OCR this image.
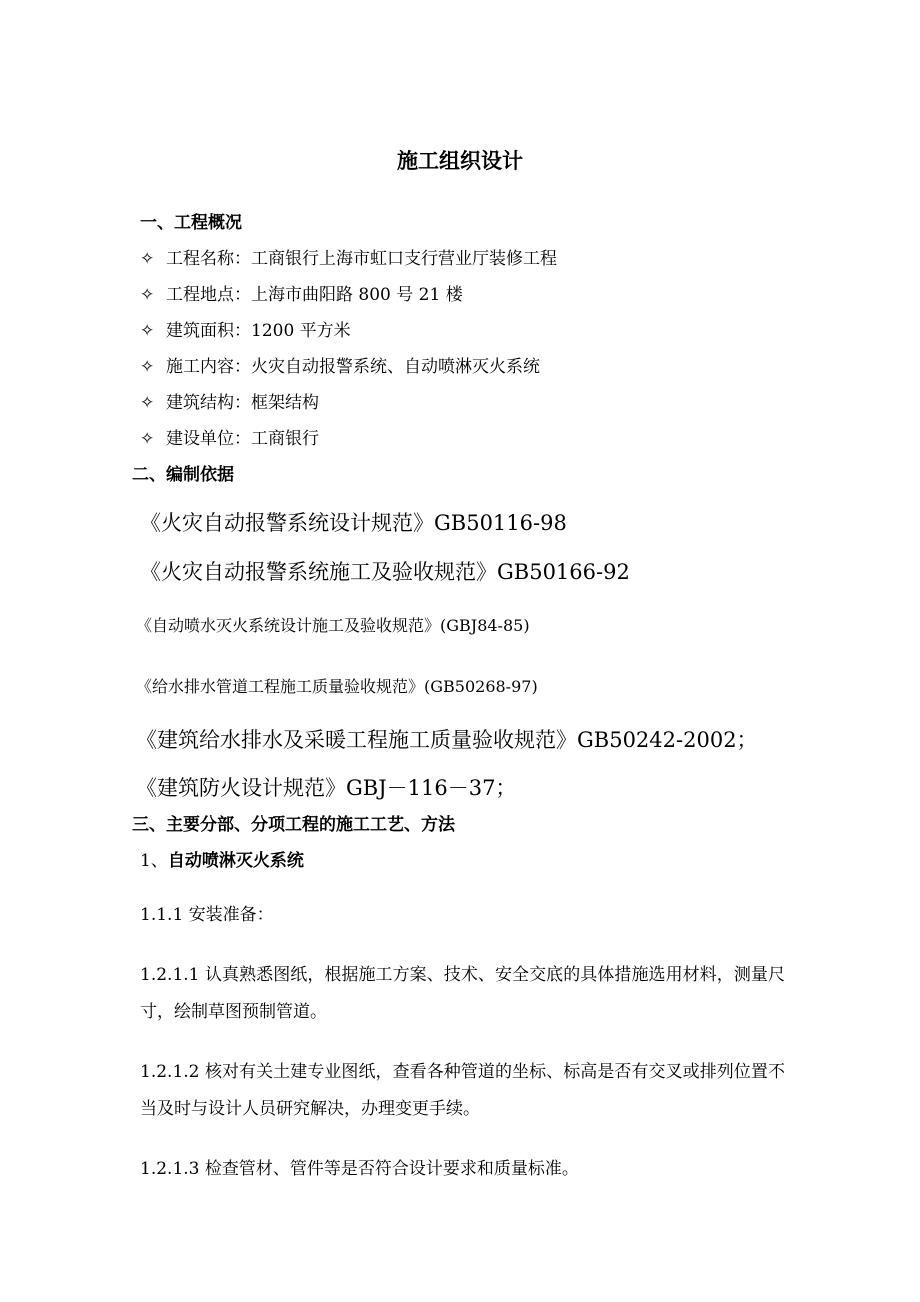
施工组织设计
一、工程概况
✧ 工程名称：工商银行上海市虹口支行营业厅装修工程
✧ 工程地点：上海市曲阳路 800 号 21 楼
✧ 建筑面积：1200 平方米
✧ 施工内容：火灾自动报警系统、自动喷淋灭火系统
✧ 建筑结构：框架结构
✧ 建设单位：工商银行
二、编制依据
《火灾自动报警系统设计规范》GB50116-98
《火灾自动报警系统施工及验收规范》GB50166-92
《自动喷水灭火系统设计施工及验收规范》(GBJ84-85)
《给水排水管道工程施工质量验收规范》(GB50268-97)
《建筑给水排水及采暖工程施工质量验收规范》GB50242-2002；
《建筑防火设计规范》GBJ－116－37；
三、主要分部、分项工程的施工工艺、方法
1、自动喷淋灭火系统
1.1.1 安装准备：
1.2.1.1 认真熟悉图纸，根据施工方案、技术、安全交底的具体措施选用材料，测量尺寸，绘制草图预制管道。
1.2.1.2 核对有关土建专业图纸，查看各种管道的坐标、标高是否有交叉或排列位置不当及时与设计人员研究解决，办理变更手续。
1.2.1.3 检查管材、管件等是否符合设计要求和质量标准。
